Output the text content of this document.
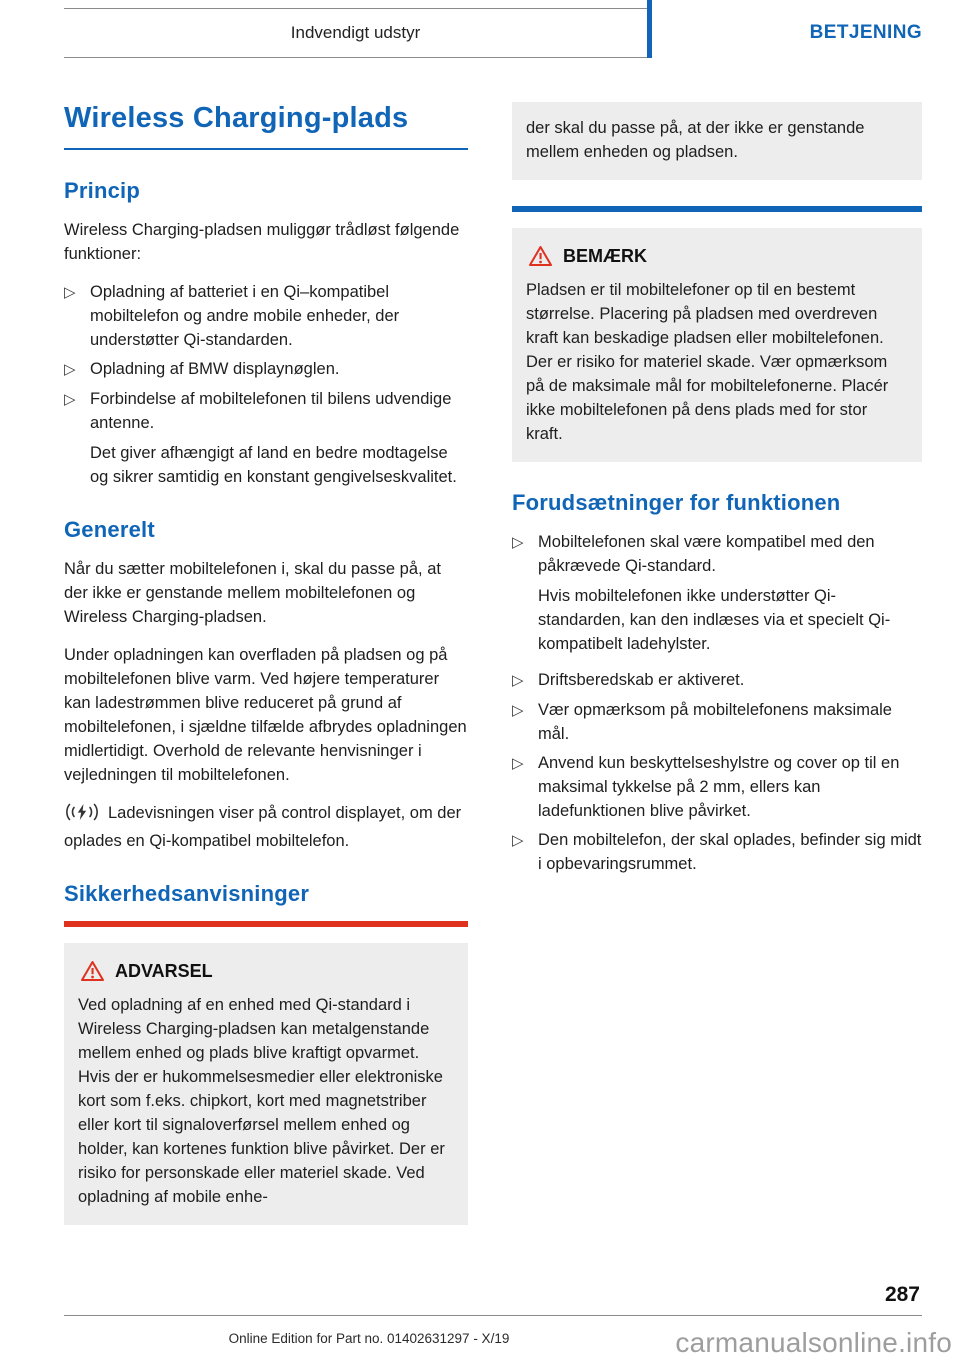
Indvendigt udstyr	BETJENING
Wireless Charging-plads
Princip

Wireless Charging-pladsen muliggør trådløst følgende funktioner:

▷ Opladning af batteriet i en Qi–kompatibel mobiltelefon og andre mobile enheder, der understøtter Qi-standarden.
▷ Opladning af BMW displaynøglen.
▷ Forbindelse af mobiltelefonen til bilens udvendige antenne.

Det giver afhængigt af land en bedre modtagelse og sikrer samtidig en konstant gengivelseskvalitet.

Generelt

Når du sætter mobiltelefonen i, skal du passe på, at der ikke er genstande mellem mobiltelefonen og Wireless Charging-pladsen.

Under opladningen kan overfladen på pladsen og på mobiltelefonen blive varm. Ved højere temperaturer kan ladestrømmen blive reduceret på grund af mobiltelefonen, i sjældne tilfælde afbrydes opladningen midlertidigt. Overhold de relevante henvisninger i vejledningen til mobiltelefonen.

Ladevisningen viser på control displayet, om der oplades en Qi-kompatibel mobiltelefon.

Sikkerhedsanvisninger
ADVARSEL
Ved opladning af en enhed med Qi-standard i Wireless Charging-pladsen kan metalgenstande mellem enhed og plads blive kraftigt opvarmet. Hvis der er hukommelsesmedier eller elektroniske kort som f.eks. chipkort, kort med magnetstriber eller kort til signaloverførsel mellem enhed og holder, kan kortenes funktion blive påvirket. Der er risiko for personskade eller materiel skade. Ved opladning af mobile enhe-
der skal du passe på, at der ikke er genstande mellem enheden og pladsen.
BEMÆRK
Pladsen er til mobiltelefoner op til en bestemt størrelse. Placering på pladsen med overdreven kraft kan beskadige pladsen eller mobiltelefonen. Der er risiko for materiel skade. Vær opmærksom på de maksimale mål for mobiltelefonerne. Placér ikke mobiltelefonen på dens plads med for stor kraft.
Forudsætninger for funktionen
▷ Mobiltelefonen skal være kompatibel med den påkrævede Qi-standard.

Hvis mobiltelefonen ikke understøtter Qi-standarden, kan den indlæses via et specielt Qi-kompatibelt ladehylster.

▷ Driftsberedskab er aktiveret.
▷ Vær opmærksom på mobiltelefonens maksimale mål.
▷ Anvend kun beskyttelseshylstre og cover op til en maksimal tykkelse på 2 mm, ellers kan ladefunktionen blive påvirket.
▷ Den mobiltelefon, der skal oplades, befinder sig midt i opbevaringsrummet.
287
Online Edition for Part no. 01402631297 - X/19	carmanualsonline.info
